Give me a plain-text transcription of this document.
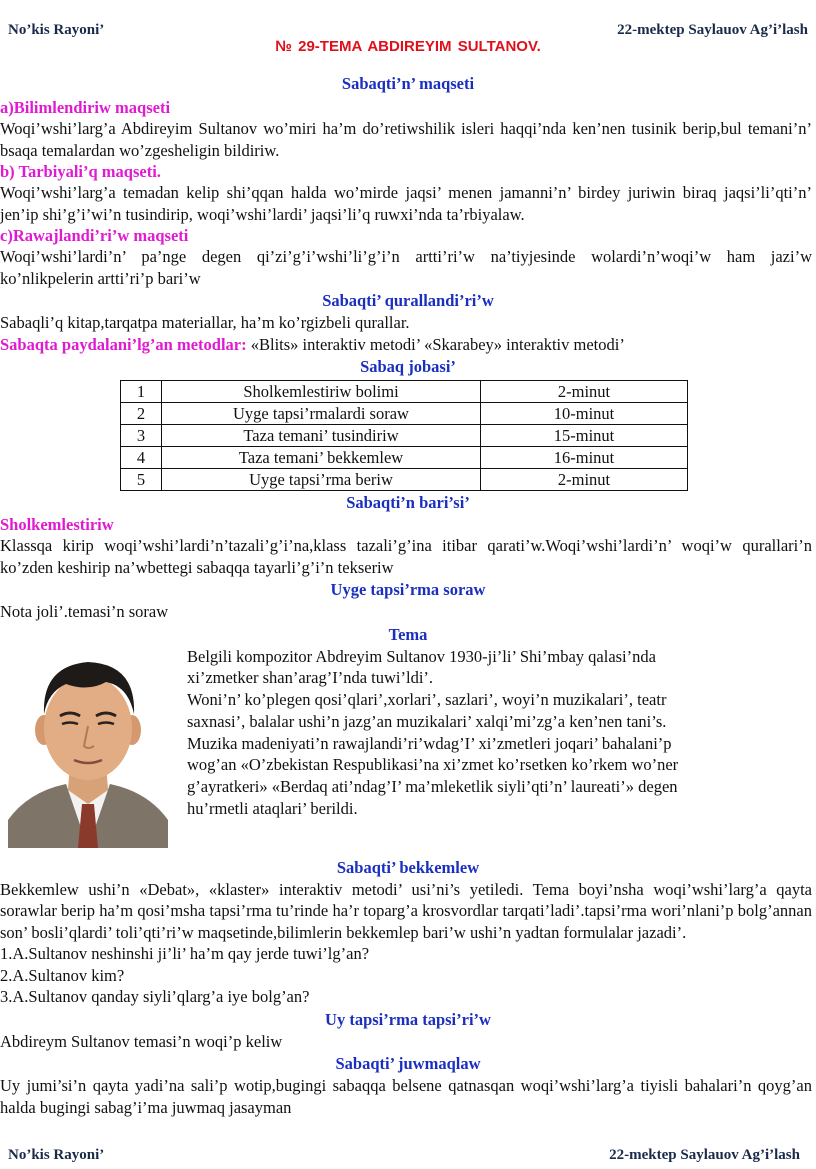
No’kis Rayoni’	22-mektep Saylauov Ag’i’lash
№ 29-TEMA ABDIREYIM SULTANOV.

Sabaqti’n’ maqseti

a)Bilimlendiriw maqseti

Woqi’wshi’larg’a Abdireyim Sultanov wo’miri ha’m do’retiwshilik isleri haqqi’nda ken’nen tusinik berip,bul temani’n’ bsaqa temalardan wo’zgesheligin bildiriw.

b) Tarbiyali’q maqseti.

Woqi’wshi’larg’a temadan kelip shi’qqan halda wo’mirde jaqsi’ menen jamanni’n’ birdey juriwin biraq jaqsi’li’qti’n’ jen’ip shi’g’i’wi’n tusindirip, woqi’wshi’lardi’ jaqsi’li’q ruwxi’nda ta’rbiyalaw.

c)Rawajlandi’ri’w maqseti

Woqi’wshi’lardi’n’ pa’nge degen qi’zi’g’i’wshi’li’g’i’n artti’ri’w na’tiyjesinde wolardi’n’woqi’w ham jazi’w ko’nlikpelerin artti’ri’p bari’w

Sabaqti’ qurallandi’ri’w

Sabaqli’q kitap,tarqatpa materiallar, ha’m ko’rgizbeli qurallar.

Sabaqta paydalani’lg’an metodlar: «Blits» interaktiv metodi’ «Skarabey» interaktiv metodi’

Sabaq jobasi’

1	Sholkemlestiriw bolimi	2-minut
2	Uyge tapsi’rmalardi soraw	10-minut
3	Taza temani’ tusindiriw	15-minut
4	Taza temani’ bekkemlew	16-minut
5	Uyge tapsi’rma beriw	2-minut

Sabaqti’n bari’si’

Sholkemlestiriw

Klassqa kirip woqi’wshi’lardi’n’tazali’g’i’na,klass tazali’g’ina itibar qarati’w.Woqi’wshi’lardi’n’ woqi’w qurallari’n ko’zden keshirip na’wbettegi sabaqqa tayarli’g’i’n tekseriw

Uyge tapsi’rma soraw

Nota joli’.temasi’n soraw

Tema

Belgili kompozitor Abdreyim Sultanov 1930-ji’li’ Shi’mbay qalasi’nda
xi’zmetker shan’arag’I’nda tuwi’ldi’.
Woni’n’ ko’plegen qosi’qlari’,xorlari’, sazlari’, woyi’n muzikalari’, teatr
saxnasi’, balalar ushi’n jazg’an muzikalari’ xalqi’mi’zg’a ken’nen tani’s.
Muzika madeniyati’n rawajlandi’ri’wdag’I’ xi’zmetleri joqari’ bahalani’p
wog’an «O’zbekistan Respublikasi’na xi’zmet ko’rsetken ko’rkem wo’ner
g’ayratkeri» «Berdaq ati’ndag’I’ ma’mleketlik siyli’qti’n’ laureati’» degen
hu’rmetli ataqlari’ berildi.

Sabaqti’ bekkemlew

Bekkemlew ushi’n «Debat», «klaster» interaktiv metodi’ usi’ni’s yetiledi. Tema boyi’nsha woqi’wshi’larg’a qayta sorawlar berip ha’m qosi’msha tapsi’rma tu’rinde ha’r toparg’a krosvordlar tarqati’ladi’.tapsi’rma wori’nlani’p bolg’annan son’ bosli’qlardi’ toli’qti’ri’w maqsetinde,bilimlerin bekkemlep bari’w ushi’n yadtan formulalar jazadi’.

1.A.Sultanov neshinshi ji’li’ ha’m qay jerde tuwi’lg’an?

2.A.Sultanov kim?

3.A.Sultanov qanday siyli’qlarg’a iye bolg’an?

Uy tapsi’rma tapsi’ri’w

Abdireym Sultanov temasi’n woqi’p keliw

Sabaqti’ juwmaqlaw

Uy jumi’si’n qayta yadi’na sali’p wotip,bugingi sabaqqa belsene qatnasqan woqi’wshi’larg’a tiyisli bahalari’n qoyg’an halda bugingi sabag’i’ma juwmaq jasayman

No’kis Rayoni’	22-mektep Saylauov Ag’i’lash
